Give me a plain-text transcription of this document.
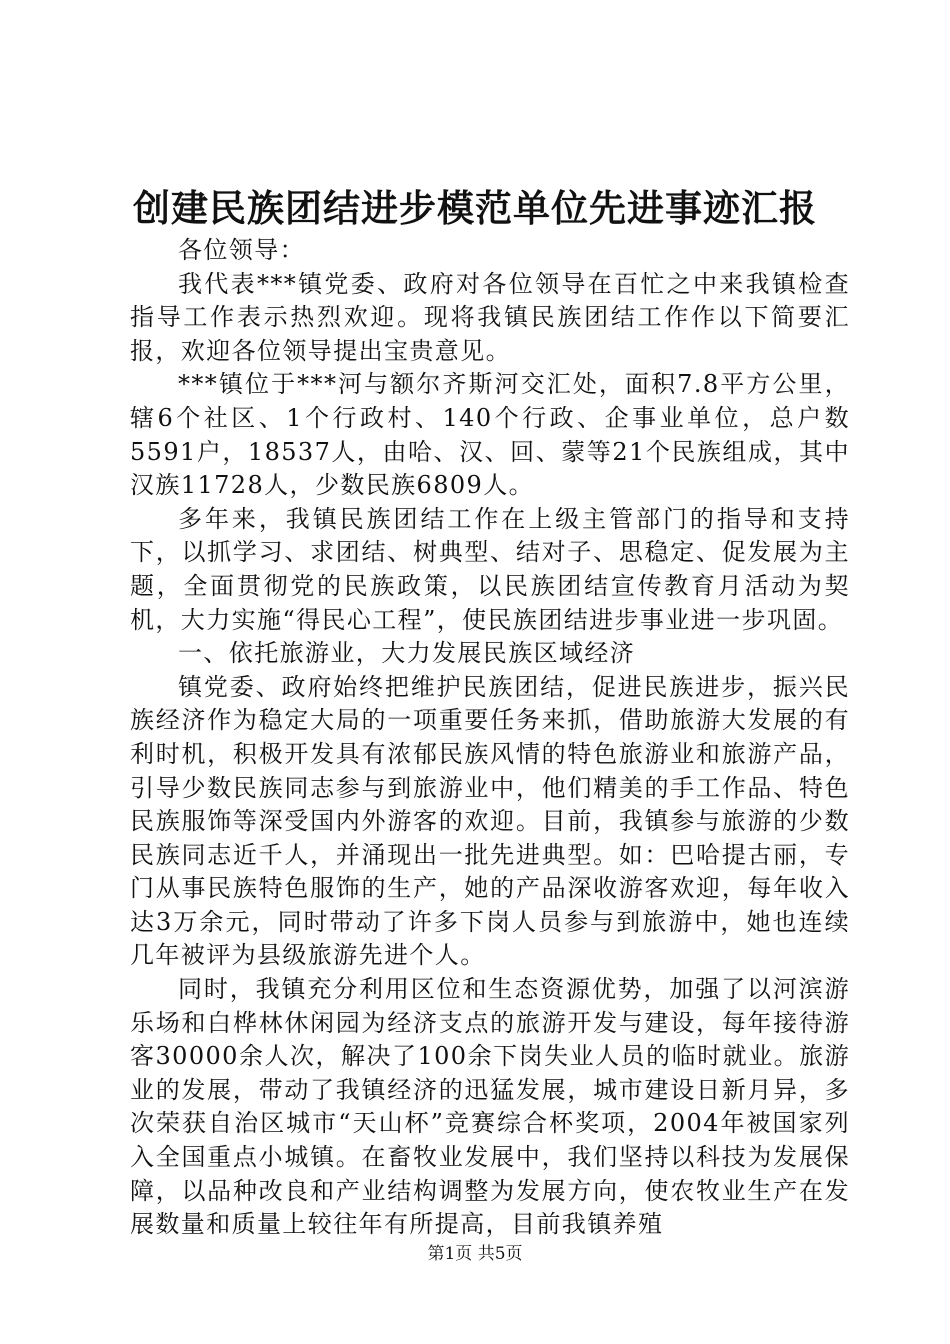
创建民族团结进步模范单位先进事迹汇报

各位领导：

我代表***镇党委、政府对各位领导在百忙之中来我镇检查指导工作表示热烈欢迎。现将我镇民族团结工作作以下简要汇报，欢迎各位领导提出宝贵意见。

***镇位于***河与额尔齐斯河交汇处，面积7.8平方公里，辖6个社区、1个行政村、140个行政、企事业单位，总户数5591户，18537人，由哈、汉、回、蒙等21个民族组成，其中汉族11728人，少数民族6809人。

多年来，我镇民族团结工作在上级主管部门的指导和支持下，以抓学习、求团结、树典型、结对子、思稳定、促发展为主题，全面贯彻党的民族政策，以民族团结宣传教育月活动为契机，大力实施“得民心工程”，使民族团结进步事业进一步巩固。

一、依托旅游业，大力发展民族区域经济

镇党委、政府始终把维护民族团结，促进民族进步，振兴民族经济作为稳定大局的一项重要任务来抓，借助旅游大发展的有利时机，积极开发具有浓郁民族风情的特色旅游业和旅游产品，引导少数民族同志参与到旅游业中，他们精美的手工作品、特色民族服饰等深受国内外游客的欢迎。目前，我镇参与旅游的少数民族同志近千人，并涌现出一批先进典型。如：巴哈提古丽，专门从事民族特色服饰的生产，她的产品深收游客欢迎，每年收入达3万余元，同时带动了许多下岗人员参与到旅游中，她也连续几年被评为县级旅游先进个人。

同时，我镇充分利用区位和生态资源优势，加强了以河滨游乐场和白桦林休闲园为经济支点的旅游开发与建设，每年接待游客30000余人次，解决了100余下岗失业人员的临时就业。旅游业的发展，带动了我镇经济的迅猛发展，城市建设日新月异，多次荣获自治区城市“天山杯”竞赛综合杯奖项，2004年被国家列入全国重点小城镇。在畜牧业发展中，我们坚持以科技为发展保障，以品种改良和产业结构调整为发展方向，使农牧业生产在发展数量和质量上较往年有所提高，目前我镇养殖

第1页 共5页
